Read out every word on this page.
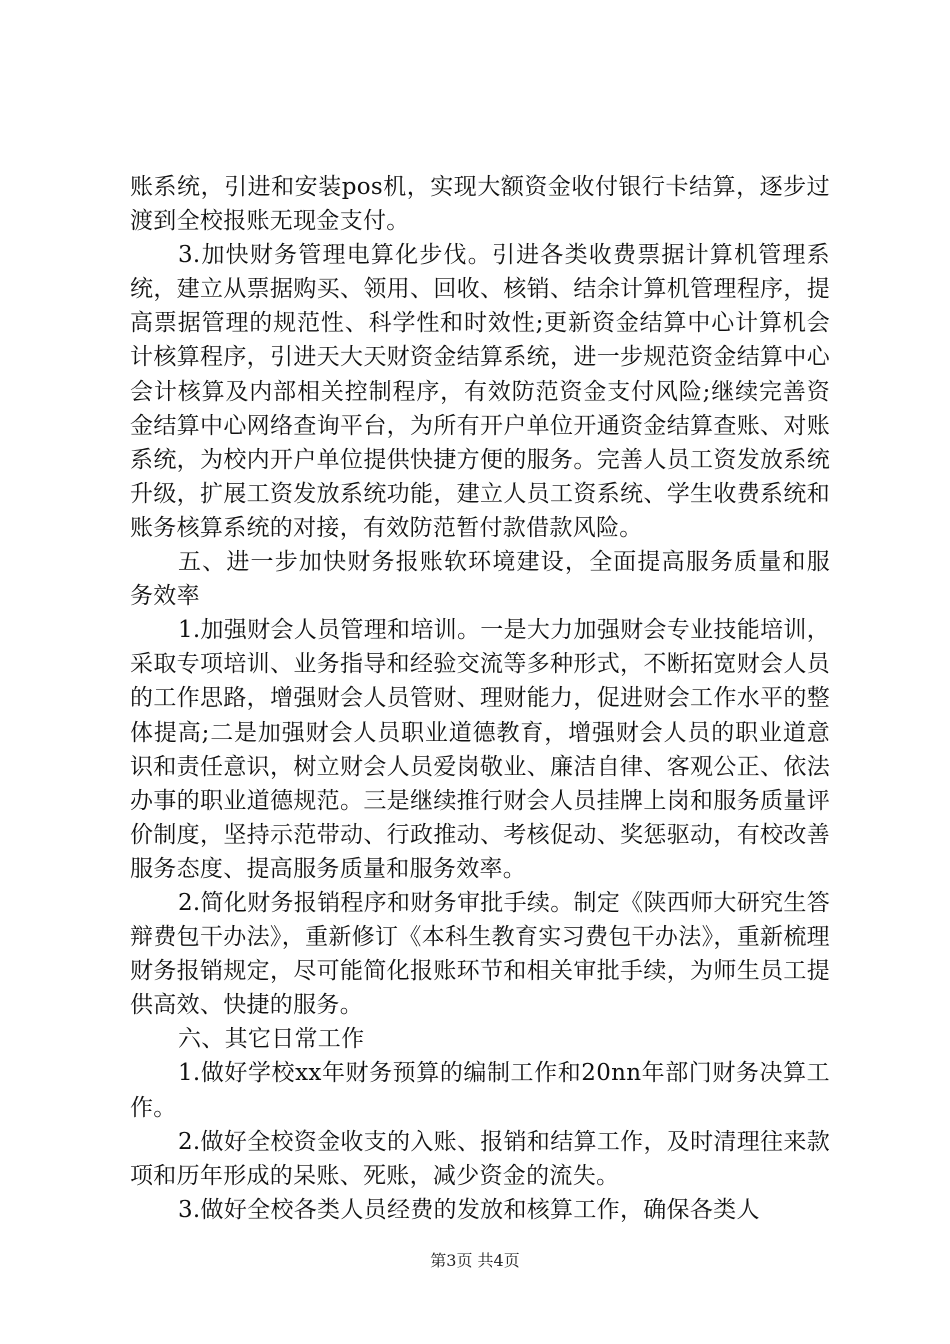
账系统，引进和安装pos机，实现大额资金收付银行卡结算，逐步过渡到全校报账无现金支付。

3.加快财务管理电算化步伐。引进各类收费票据计算机管理系统，建立从票据购买、领用、回收、核销、结余计算机管理程序，提高票据管理的规范性、科学性和时效性;更新资金结算中心计算机会计核算程序，引进天大天财资金结算系统，进一步规范资金结算中心会计核算及内部相关控制程序，有效防范资金支付风险;继续完善资金结算中心网络查询平台，为所有开户单位开通资金结算查账、对账系统，为校内开户单位提供快捷方便的服务。完善人员工资发放系统升级，扩展工资发放系统功能，建立人员工资系统、学生收费系统和账务核算系统的对接，有效防范暂付款借款风险。

五、进一步加快财务报账软环境建设，全面提高服务质量和服务效率

1.加强财会人员管理和培训。一是大力加强财会专业技能培训，采取专项培训、业务指导和经验交流等多种形式，不断拓宽财会人员的工作思路，增强财会人员管财、理财能力，促进财会工作水平的整体提高;二是加强财会人员职业道德教育，增强财会人员的职业道意识和责任意识，树立财会人员爱岗敬业、廉洁自律、客观公正、依法办事的职业道德规范。三是继续推行财会人员挂牌上岗和服务质量评价制度，坚持示范带动、行政推动、考核促动、奖惩驱动，有校改善服务态度、提高服务质量和服务效率。

2.简化财务报销程序和财务审批手续。制定《陕西师大研究生答辩费包干办法》，重新修订《本科生教育实习费包干办法》，重新梳理财务报销规定，尽可能简化报账环节和相关审批手续，为师生员工提供高效、快捷的服务。

六、其它日常工作

1.做好学校xx年财务预算的编制工作和20nn年部门财务决算工作。

2.做好全校资金收支的入账、报销和结算工作，及时清理往来款项和历年形成的呆账、死账，减少资金的流失。

3.做好全校各类人员经费的发放和核算工作，确保各类人

第3页 共4页
